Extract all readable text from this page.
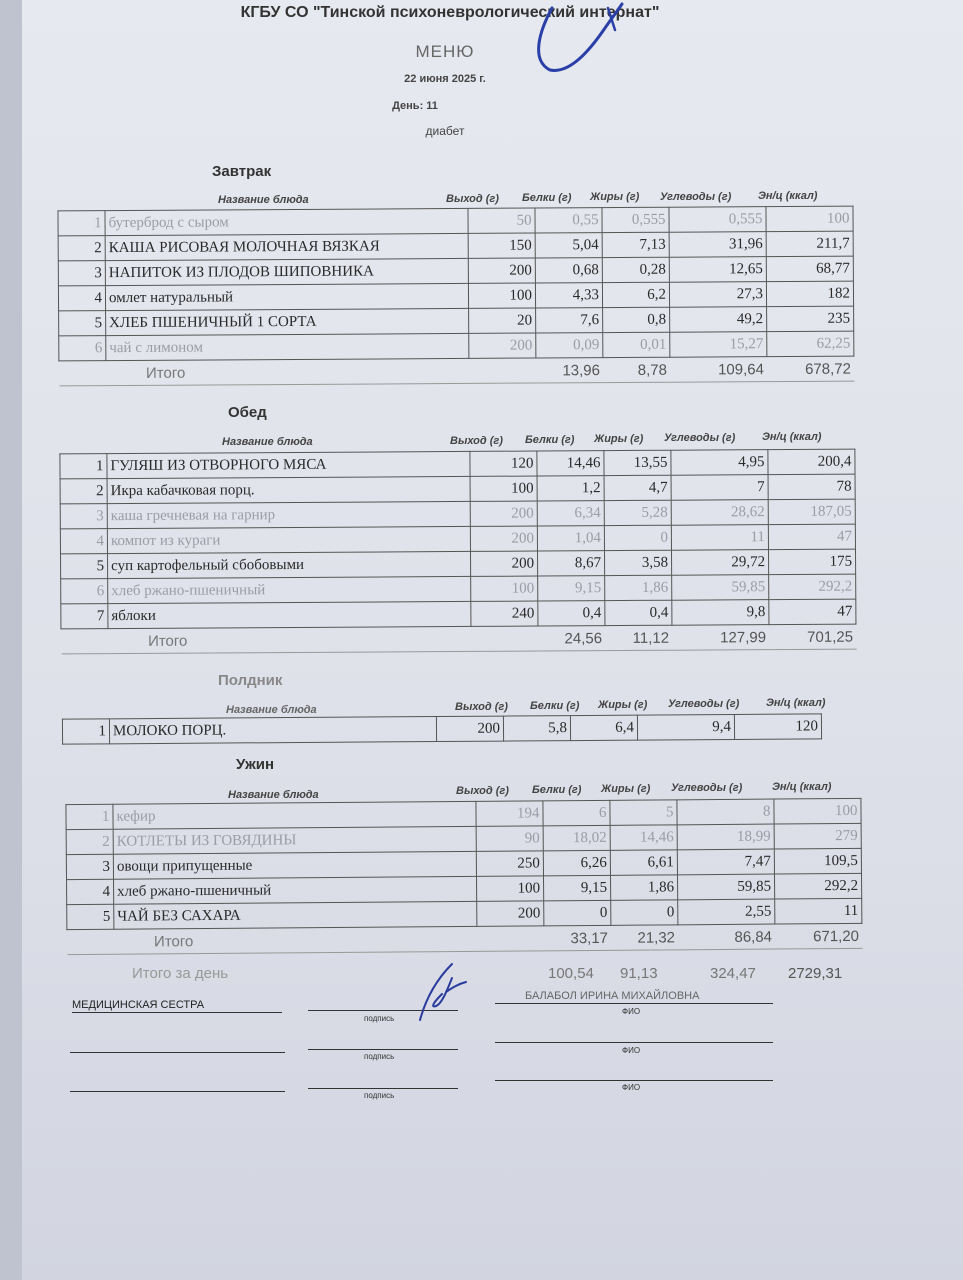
КГБУ СО "Тинской психоневрологический интернат"
МЕНЮ
22 июня 2025 г.
День: 11
диабет
Завтрак
Название блюда	Выход (г) Белки (г) Жиры (г) Углеводы (г) Эн/ц (ккал)
1	бутерброд с сыром	50	0,55	0,555	0,555	100
2	КАША РИСОВАЯ МОЛОЧНАЯ ВЯЗКАЯ	150	5,04	7,13	31,96	211,7
3	НАПИТОК ИЗ ПЛОДОВ ШИПОВНИКА	200	0,68	0,28	12,65	68,77
4	омлет натуральный	100	4,33	6,2	27,3	182
5	ХЛЕБ ПШЕНИЧНЫЙ 1 СОРТА	20	7,6	0,8	49,2	235
6	чай с лимоном	200	0,09	0,01	15,27	62,25
	Итого		13,96	8,78	109,64	678,72
Обед
Название блюда	Выход (г) Белки (г) Жиры (г) Углеводы (г) Эн/ц (ккал)
1	ГУЛЯШ ИЗ ОТВОРНОГО МЯСА	120	14,46	13,55	4,95	200,4
2	Икра кабачковая порц.	100	1,2	4,7	7	78
3	каша гречневая на гарнир	200	6,34	5,28	28,62	187,05
4	компот из кураги	200	1,04	0	11	47
5	суп картофельный сбобовыми	200	8,67	3,58	29,72	175
6	хлеб ржано-пшеничный	100	9,15	1,86	59,85	292,2
7	яблоки	240	0,4	0,4	9,8	47
	Итого		24,56	11,12	127,99	701,25
Полдник
Название блюда	Выход (г) Белки (г) Жиры (г) Углеводы (г) Эн/ц (ккал)
1	МОЛОКО ПОРЦ.	200	5,8	6,4	9,4	120
Ужин
Название блюда	Выход (г) Белки (г) Жиры (г) Углеводы (г)	Эн/ц (ккал)
1	кефир	194	6	5	8	100
2	КОТЛЕТЫ ИЗ ГОВЯДИНЫ	90	18,02	14,46	18,99	279
3	овощи припущенные	250	6,26	6,61	7,47	109,5
4	хлеб ржано-пшеничный	100	9,15	1,86	59,85	292,2
5	ЧАЙ БЕЗ САХАРА	200	0	0	2,55	11
	Итого		33,17	21,32	86,84	671,20
Итого за день	100,54 91,13	324,47 2729,31
МЕДИЦИНСКАЯ СЕСТРА
БАЛАБОЛ ИРИНА МИХАЙЛОВНА
подпись
ФИО
подпись
ФИО
подпись
ФИО
